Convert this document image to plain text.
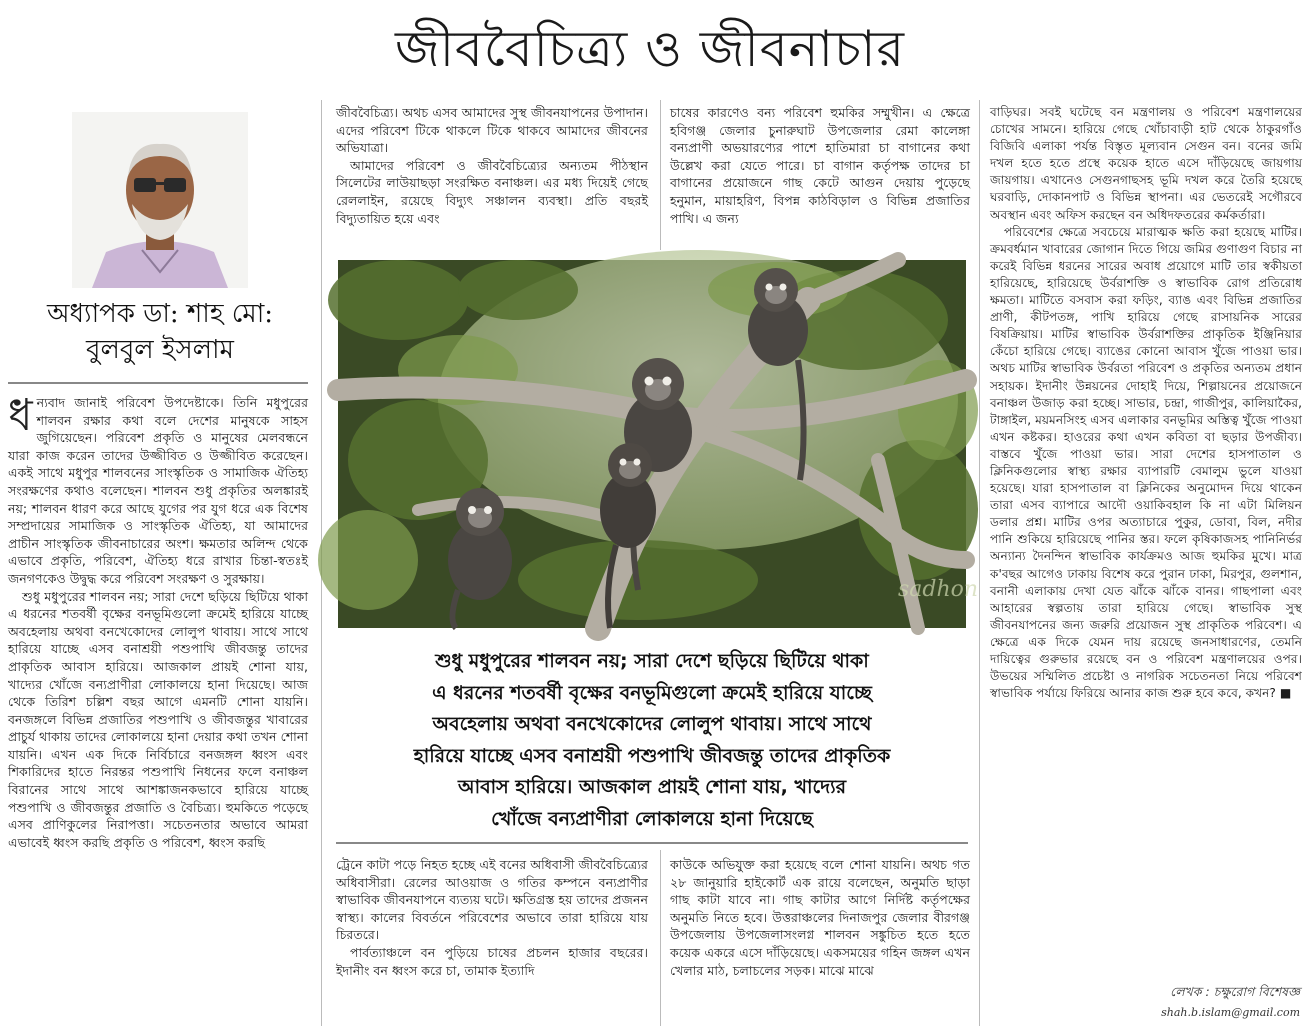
জীববৈচিত্র্য ও জীবনাচার
অধ্যাপক ডা: শাহ মো:
বুলবুল ইসলাম

ধন্যবাদ জানাই পরিবেশ উপদেষ্টাকে। তিনি মধুপুরের শালবন রক্ষার কথা বলে দেশের মানুষকে সাহস জুগিয়েছেন। পরিবেশ প্রকৃতি ও মানুষের মেলবন্ধনে যারা কাজ করেন তাদের উজ্জীবিত ও উজ্জীবিত করেছেন। একই সাথে মধুপুর শালবনের সাংস্কৃতিক ও সামাজিক ঐতিহ্য সংরক্ষণের কথাও বলেছেন। শালবন শুধু প্রকৃতির অলঙ্কারই নয়; শালবন ধারণ করে আছে যুগের পর যুগ ধরে এক বিশেষ সম্প্রদায়ের সামাজিক ও সাংস্কৃতিক ঐতিহ্য, যা আমাদের প্রাচীন সাংস্কৃতিক জীবনাচারের অংশ। ক্ষমতার অলিন্দ থেকে এভাবে প্রকৃতি, পরিবেশ, ঐতিহ্য ধরে রাখার চিন্তা-স্বতঃই জনগণকেও উদ্বুদ্ধ করে পরিবেশ সংরক্ষণ ও সুরক্ষায়।

শুধু মধুপুরের শালবন নয়; সারা দেশে ছড়িয়ে ছিটিয়ে থাকা এ ধরনের শতবর্ষী বৃক্ষের বনভূমিগুলো ক্রমেই হারিয়ে যাচ্ছে অবহেলায় অথবা বনখেকোদের লোলুপ থাবায়। সাথে সাথে হারিয়ে যাচ্ছে এসব বনাশ্রয়ী পশুপাখি জীবজন্তু তাদের প্রাকৃতিক আবাস হারিয়ে। আজকাল প্রায়ই শোনা যায়, খাদ্যের খোঁজে বন্যপ্রাণীরা লোকালয়ে হানা দিয়েছে। আজ থেকে তিরিশ চল্লিশ বছর আগে এমনটি শোনা যায়নি। বনজঙ্গলে বিভিন্ন প্রজাতির পশুপাখি ও জীবজন্তুর খাবারের প্রাচুর্য থাকায় তাদের লোকালয়ে হানা দেয়ার কথা তখন শোনা যায়নি। এখন এক দিকে নির্বিচারে বনজঙ্গল ধ্বংস এবং শিকারিদের হাতে নিরন্তর পশুপাখি নিধনের ফলে বনাঞ্চল বিরানের সাথে সাথে আশঙ্কাজনকভাবে হারিয়ে যাচ্ছে পশুপাখি ও জীবজন্তুর প্রজাতি ও বৈচিত্র্য। হুমকিতে পড়েছে এসব প্রাণিকুলের নিরাপত্তা। সচেতনতার অভাবে আমরা এভাবেই ধ্বংস করছি প্রকৃতি ও পরিবেশ, ধ্বংস করছি

জীববৈচিত্র্য। অথচ এসব আমাদের সুস্থ জীবনযাপনের উপাদান। এদের পরিবেশ টিকে থাকলে টিকে থাকবে আমাদের জীবনের অভিযাত্রা।

আমাদের পরিবেশ ও জীববৈচিত্র্যের অন্যতম পীঠস্থান সিলেটের লাউয়াছড়া সংরক্ষিত বনাঞ্চল। এর মধ্য দিয়েই গেছে রেললাইন, রয়েছে বিদ্যুৎ সঞ্চালন ব্যবস্থা। প্রতি বছরই বিদ্যুতায়িত হয়ে এবং

চাষের কারণেও বন্য পরিবেশ হুমকির সম্মুখীন। এ ক্ষেত্রে হবিগঞ্জ জেলার চুনারুঘাট উপজেলার রেমা কালেঙ্গা বন্যপ্রাণী অভয়ারণ্যের পাশে হাতিমারা চা বাগানের কথা উল্লেখ করা যেতে পারে। চা বাগান কর্তৃপক্ষ তাদের চা বাগানের প্রয়োজনে গাছ কেটে আগুন দেয়ায় পুড়েছে হনুমান, মায়াহরিণ, বিপন্ন কাঠবিড়াল ও বিভিন্ন প্রজাতির পাখি। এ জন্য

sadhon
শুধু মধুপুরের শালবন নয়; সারা দেশে ছড়িয়ে ছিটিয়ে থাকা
এ ধরনের শতবর্ষী বৃক্ষের বনভূমিগুলো ক্রমেই হারিয়ে যাচ্ছে
অবহেলায় অথবা বনখেকোদের লোলুপ থাবায়। সাথে সাথে
হারিয়ে যাচ্ছে এসব বনাশ্রয়ী পশুপাখি জীবজন্তু তাদের প্রাকৃতিক
আবাস হারিয়ে। আজকাল প্রায়ই শোনা যায়, খাদ্যের
খোঁজে বন্যপ্রাণীরা লোকালয়ে হানা দিয়েছে

ট্রেনে কাটা পড়ে নিহত হচ্ছে এই বনের অধিবাসী জীববৈচিত্র্যের অধিবাসীরা। রেলের আওয়াজ ও গতির কম্পনে বন্যপ্রাণীর স্বাভাবিক জীবনযাপনে ব্যত্যয় ঘটে। ক্ষতিগ্রস্ত হয় তাদের প্রজনন স্বাস্থ্য। কালের বিবর্তনে পরিবেশের অভাবে তারা হারিয়ে যায় চিরতরে।

পার্বত্যাঞ্চলে বন পুড়িয়ে চাষের প্রচলন হাজার বছরের। ইদানীং বন ধ্বংস করে চা, তামাক ইত্যাদি

কাউকে অভিযুক্ত করা হয়েছে বলে শোনা যায়নি। অথচ গত ২৮ জানুয়ারি হাইকোর্ট এক রায়ে বলেছেন, অনুমতি ছাড়া গাছ কাটা যাবে না। গাছ কাটার আগে নির্দিষ্ট কর্তৃপক্ষের অনুমতি নিতে হবে। উত্তরাঞ্চলের দিনাজপুর জেলার বীরগঞ্জ উপজেলায় উপজেলাসংলগ্ন শালবন সঙ্কুচিত হতে হতে কয়েক একরে এসে দাঁড়িয়েছে। একসময়ের গহিন জঙ্গল এখন খেলার মাঠ, চলাচলের সড়ক। মাঝে মাঝে

বাড়িঘর। সবই ঘটেছে বন মন্ত্রণালয় ও পরিবেশ মন্ত্রণালয়ের চোখের সামনে। হারিয়ে গেছে খোঁচাবাড়ী হাট থেকে ঠাকুরগাঁও বিজিবি এলাকা পর্যন্ত বিস্তৃত মূল্যবান সেগুন বন। বনের জমি দখল হতে হতে প্রস্থে কয়েক হাতে এসে দাঁড়িয়েছে জায়গায় জায়গায়। এখানেও সেগুনগাছসহ ভূমি দখল করে তৈরি হয়েছে ঘরবাড়ি, দোকানপাট ও বিভিন্ন স্থাপনা। এর ভেতরেই সগৌরবে অবস্থান এবং অফিস করছেন বন অধিদফতরের কর্মকর্তারা।

পরিবেশের ক্ষেত্রে সবচেয়ে মারাত্মক ক্ষতি করা হয়েছে মাটির। ক্রমবর্ধমান খাবারের জোগান দিতে গিয়ে জমির গুণাগুণ বিচার না করেই বিভিন্ন ধরনের সারের অবাধ প্রয়োগে মাটি তার স্বকীয়তা হারিয়েছে, হারিয়েছে উর্বরাশক্তি ও স্বাভাবিক রোগ প্রতিরোধ ক্ষমতা। মাটিতে বসবাস করা ফড়িং, ব্যাঙ এবং বিভিন্ন প্রজাতির প্রাণী, কীটপতঙ্গ, পাখি হারিয়ে গেছে রাসায়নিক সারের বিষক্রিয়ায়। মাটির স্বাভাবিক উর্বরাশক্তির প্রাকৃতিক ইঞ্জিনিয়ার কেঁচো হারিয়ে গেছে। ব্যাঙের কোনো আবাস খুঁজে পাওয়া ভার। অথচ মাটির স্বাভাবিক উর্বরতা পরিবেশ ও প্রকৃতির অন্যতম প্রধান সহায়ক। ইদানীং উন্নয়নের দোহাই দিয়ে, শিল্পায়নের প্রয়োজনে বনাঞ্চল উজাড় করা হচ্ছে। সাভার, চন্দ্রা, গাজীপুর, কালিয়াকৈর, টাঙ্গাইল, ময়মনসিংহ এসব এলাকার বনভূমির অস্তিত্ব খুঁজে পাওয়া এখন কষ্টকর। হাওরের কথা এখন কবিতা বা ছড়ার উপজীব্য। বাস্তবে খুঁজে পাওয়া ভার। সারা দেশের হাসপাতাল ও ক্লিনিকগুলোর স্বাস্থ্য রক্ষার ব্যাপারটি বেমালুম ভুলে যাওয়া হয়েছে। যারা হাসপাতাল বা ক্লিনিকের অনুমোদন দিয়ে থাকেন তারা এসব ব্যাপারে আদৌ ওয়াকিবহাল কি না এটা মিলিয়ন ডলার প্রশ্ন। মাটির ওপর অত্যাচারে পুকুর, ডোবা, বিল, নদীর পানি শুকিয়ে হারিয়েছে পানির স্তর। ফলে কৃষিকাজসহ পানিনির্ভর অন্যান্য দৈনন্দিন স্বাভাবিক কার্যক্রমও আজ হুমকির মুখে। মাত্র ক'বছর আগেও ঢাকায় বিশেষ করে পুরান ঢাকা, মিরপুর, গুলশান, বনানী এলাকায় দেখা যেত ঝাঁকে ঝাঁকে বানর। গাছপালা এবং আহারের স্বল্পতায় তারা হারিয়ে গেছে। স্বাভাবিক সুস্থ জীবনযাপনের জন্য জরুরি প্রয়োজন সুস্থ প্রাকৃতিক পরিবেশ। এ ক্ষেত্রে এক দিকে যেমন দায় রয়েছে জনসাধারণের, তেমনি দায়িত্বের গুরুভার রয়েছে বন ও পরিবেশ মন্ত্রণালয়ের ওপর। উভয়ের সম্মিলিত প্রচেষ্টা ও নাগরিক সচেতনতা নিয়ে পরিবেশ স্বাভাবিক পর্যায়ে ফিরিয়ে আনার কাজ শুরু হবে কবে, কখন? ■

লেখক : চক্ষুরোগ বিশেষজ্ঞ
shah.b.islam@gmail.com
